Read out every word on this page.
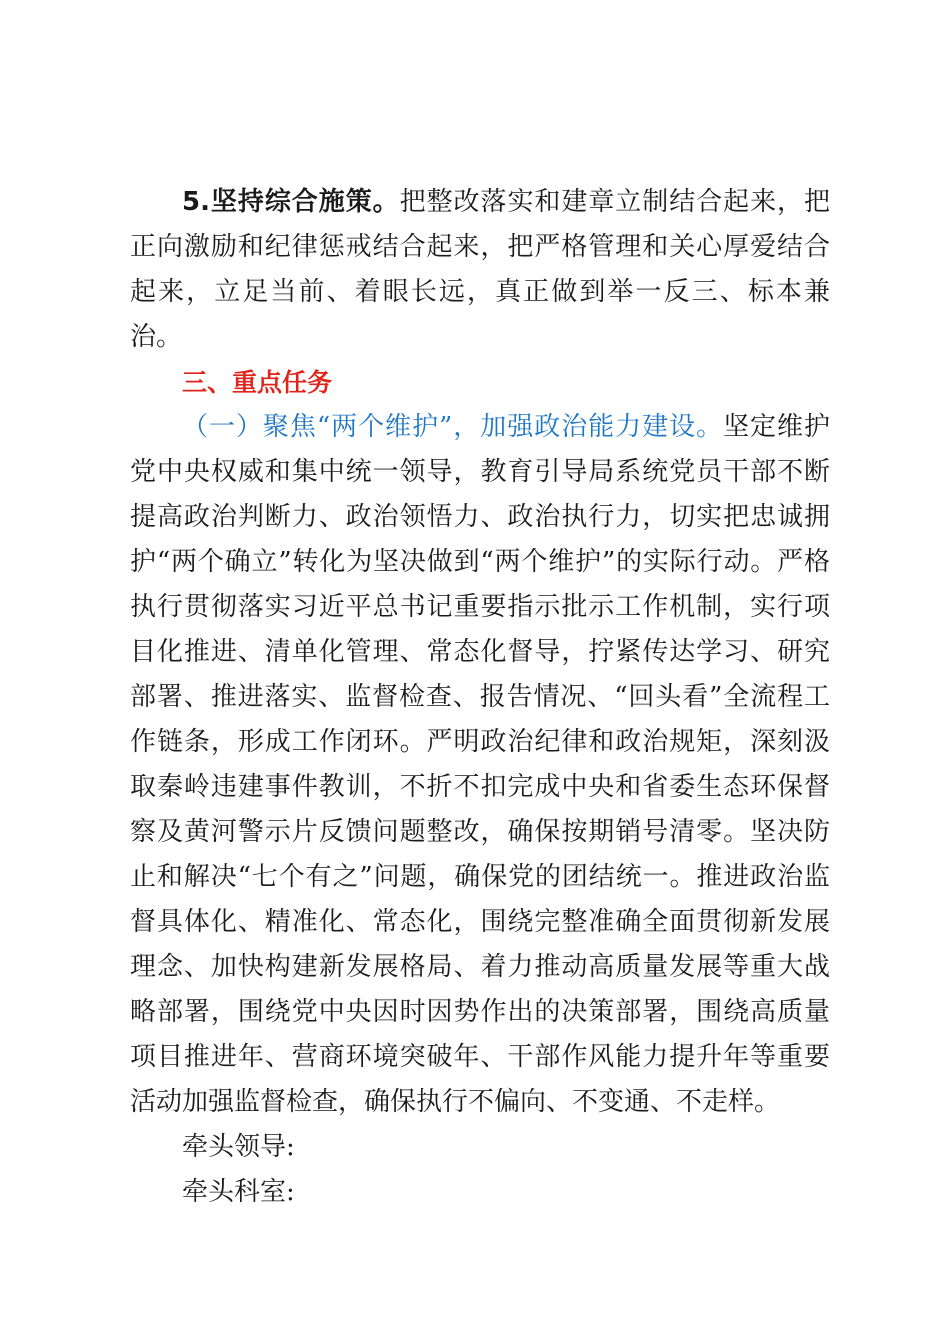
5.坚持综合施策。把整改落实和建章立制结合起来，把正向激励和纪律惩戒结合起来，把严格管理和关心厚爱结合起来，立足当前、着眼长远，真正做到举一反三、标本兼治。

三、重点任务

（一）聚焦“两个维护”，加强政治能力建设。坚定维护党中央权威和集中统一领导，教育引导局系统党员干部不断提高政治判断力、政治领悟力、政治执行力，切实把忠诚拥护“两个确立”转化为坚决做到“两个维护”的实际行动。严格执行贯彻落实习近平总书记重要指示批示工作机制，实行项目化推进、清单化管理、常态化督导，拧紧传达学习、研究部署、推进落实、监督检查、报告情况、“回头看”全流程工作链条，形成工作闭环。严明政治纪律和政治规矩，深刻汲取秦岭违建事件教训，不折不扣完成中央和省委生态环保督察及黄河警示片反馈问题整改，确保按期销号清零。坚决防止和解决“七个有之”问题，确保党的团结统一。推进政治监督具体化、精准化、常态化，围绕完整准确全面贯彻新发展理念、加快构建新发展格局、着力推动高质量发展等重大战略部署，围绕党中央因时因势作出的决策部署，围绕高质量项目推进年、营商环境突破年、干部作风能力提升年等重要活动加强监督检查，确保执行不偏向、不变通、不走样。

牵头领导:

牵头科室:
